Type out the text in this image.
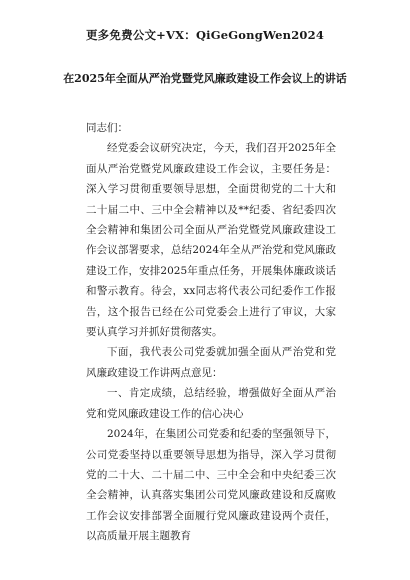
更多免费公文+VX：QiGeGongWen2024
在2025年全面从严治党暨党风廉政建设工作会议上的讲话

同志们：

经党委会议研究决定，今天，我们召开2025年全面从严治党暨党风廉政建设工作会议，主要任务是：深入学习贯彻重要领导思想，全面贯彻党的二十大和二十届二中、三中全会精神以及**纪委、省纪委四次全会精神和集团公司全面从严治党暨党风廉政建设工作会议部署要求，总结2024年全从严治党和党风廉政建设工作，安排2025年重点任务，开展集体廉政谈话和警示教育。待会，xx同志将代表公司纪委作工作报告，这个报告已经在公司党委会上进行了审议，大家要认真学习并抓好贯彻落实。

下面，我代表公司党委就加强全面从严治党和党风廉政建设工作讲两点意见：

一、肯定成绩，总结经验，增强做好全面从严治党和党风廉政建设工作的信心决心

2024年，在集团公司党委和纪委的坚强领导下，公司党委坚持以重要领导思想为指导，深入学习贯彻党的二十大、二十届二中、三中全会和中央纪委三次全会精神，认真落实集团公司党风廉政建设和反腐败工作会议安排部署全面履行党风廉政建设两个责任，以高质量开展主题教育
